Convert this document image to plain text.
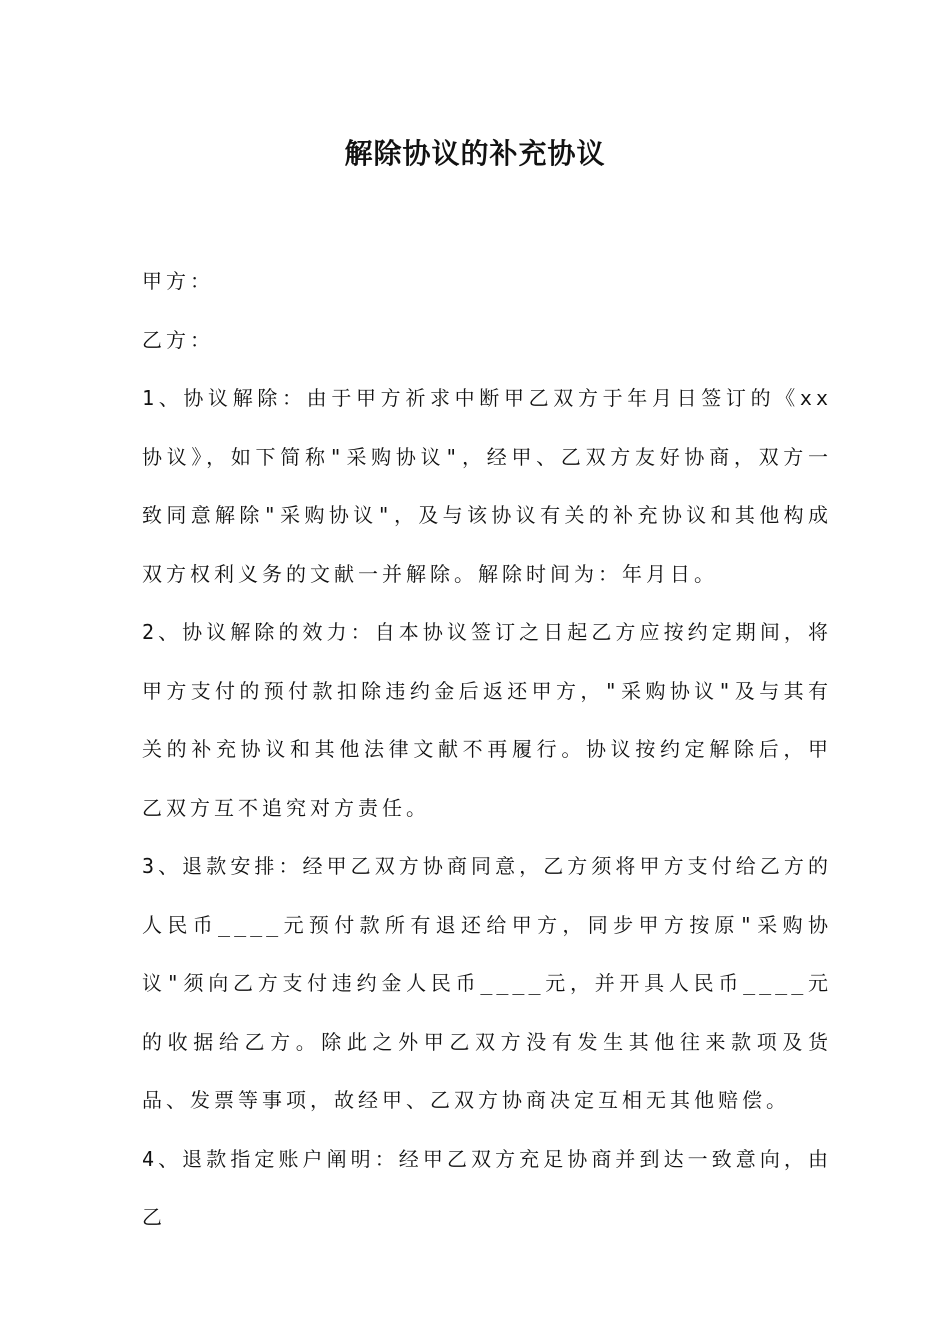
解除协议的补充协议

甲方：

乙方：

1、协议解除：由于甲方祈求中断甲乙双方于年月日签订的《xx协议》，如下简称"采购协议"，经甲、乙双方友好协商，双方一致同意解除"采购协议"，及与该协议有关的补充协议和其他构成双方权利义务的文献一并解除。解除时间为：年月日。

2、协议解除的效力：自本协议签订之日起乙方应按约定期间，将甲方支付的预付款扣除违约金后返还甲方，"采购协议"及与其有关的补充协议和其他法律文献不再履行。协议按约定解除后，甲乙双方互不追究对方责任。

3、退款安排：经甲乙双方协商同意，乙方须将甲方支付给乙方的人民币____元预付款所有退还给甲方，同步甲方按原"采购协议"须向乙方支付违约金人民币____元，并开具人民币____元的收据给乙方。除此之外甲乙双方没有发生其他往来款项及货品、发票等事项，故经甲、乙双方协商决定互相无其他赔偿。

4、退款指定账户阐明：经甲乙双方充足协商并到达一致意向，由乙
